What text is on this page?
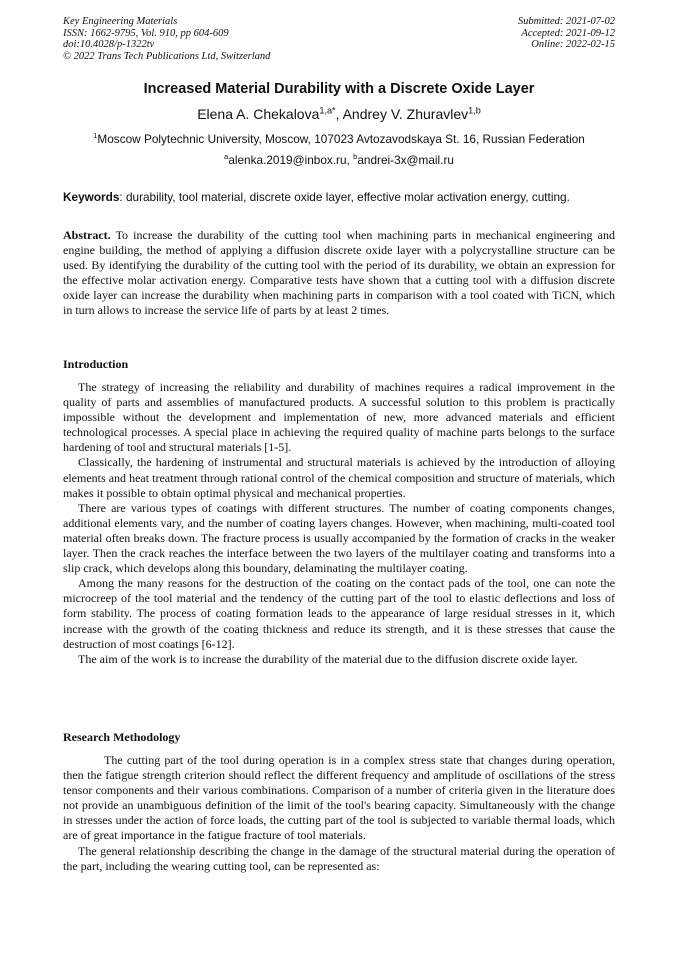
Key Engineering Materials
ISSN: 1662-9795, Vol. 910, pp 604-609
doi:10.4028/p-1322tv
© 2022 Trans Tech Publications Ltd, Switzerland
Submitted: 2021-07-02
Accepted: 2021-09-12
Online: 2022-02-15
Increased Material Durability with a Discrete Oxide Layer
Elena A. Chekalova$^{1,a*}$, Andrey V. Zhuravlev$^{1,b}$
$^1$Moscow Polytechnic University, Moscow, 107023 Avtozavodskaya St. 16, Russian Federation
$^a$alenka.2019@inbox.ru, $^b$andrei-3x@mail.ru
Keywords: durability, tool material, discrete oxide layer, effective molar activation energy, cutting.

Abstract. To increase the durability of the cutting tool when machining parts in mechanical engineering and engine building, the method of applying a diffusion discrete oxide layer with a polycrystalline structure can be used. By identifying the durability of the cutting tool with the period of its durability, we obtain an expression for the effective molar activation energy. Comparative tests have shown that a cutting tool with a diffusion discrete oxide layer can increase the durability when machining parts in comparison with a tool coated with TiCN, which in turn allows to increase the service life of parts by at least 2 times.

Introduction

The strategy of increasing the reliability and durability of machines requires a radical improvement in the quality of parts and assemblies of manufactured products. A successful solution to this problem is practically impossible without the development and implementation of new, more advanced materials and efficient technological processes. A special place in achieving the required quality of machine parts belongs to the surface hardening of tool and structural materials [1-5].

Classically, the hardening of instrumental and structural materials is achieved by the introduction of alloying elements and heat treatment through rational control of the chemical composition and structure of materials, which makes it possible to obtain optimal physical and mechanical properties.

There are various types of coatings with different structures. The number of coating components changes, additional elements vary, and the number of coating layers changes. However, when machining, multi-coated tool material often breaks down. The fracture process is usually accompanied by the formation of cracks in the weaker layer. Then the crack reaches the interface between the two layers of the multilayer coating and transforms into a slip crack, which develops along this boundary, delaminating the multilayer coating.

Among the many reasons for the destruction of the coating on the contact pads of the tool, one can note the microcreep of the tool material and the tendency of the cutting part of the tool to elastic deflections and loss of form stability. The process of coating formation leads to the appearance of large residual stresses in it, which increase with the growth of the coating thickness and reduce its strength, and it is these stresses that cause the destruction of most coatings [6-12].

The aim of the work is to increase the durability of the material due to the diffusion discrete oxide layer.

Research Methodology

The cutting part of the tool during operation is in a complex stress state that changes during operation, then the fatigue strength criterion should reflect the different frequency and amplitude of oscillations of the stress tensor components and their various combinations. Comparison of a number of criteria given in the literature does not provide an unambiguous definition of the limit of the tool's bearing capacity. Simultaneously with the change in stresses under the action of force loads, the cutting part of the tool is subjected to variable thermal loads, which are of great importance in the fatigue fracture of tool materials.

The general relationship describing the change in the damage of the structural material during the operation of the part, including the wearing cutting tool, can be represented as:
